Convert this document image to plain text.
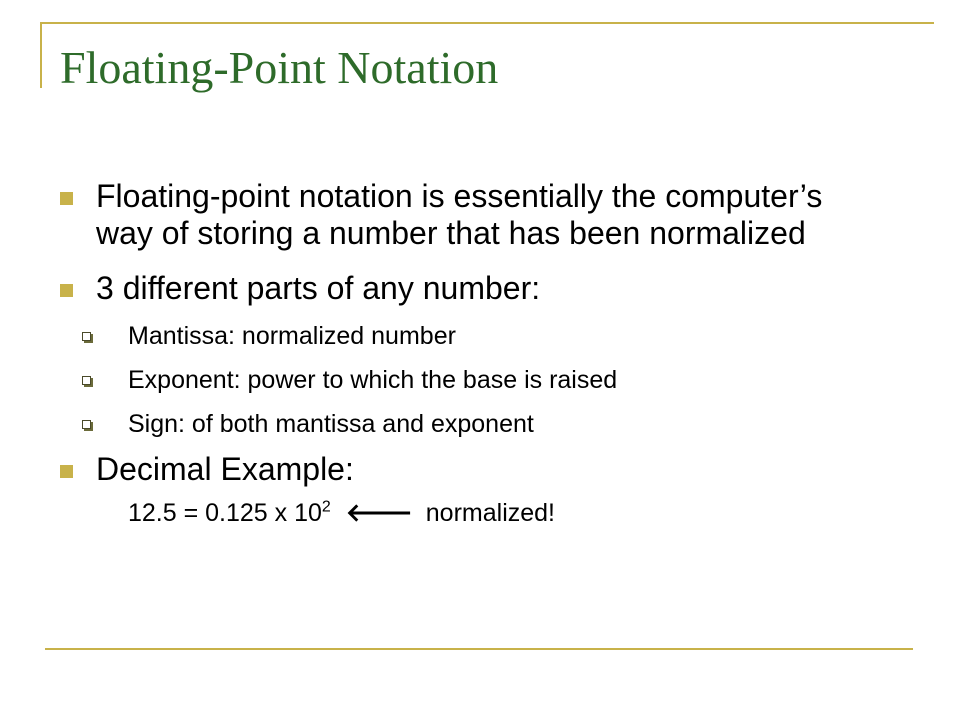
Floating-Point Notation
Floating-point notation is essentially the computer’s way of storing a number that has been normalized
3 different parts of any number:
Mantissa: normalized number
Exponent: power to which the base is raised
Sign: of both mantissa and exponent
Decimal Example:
12.5 = 0.125 x $10^2$ 🡐 normalized!
